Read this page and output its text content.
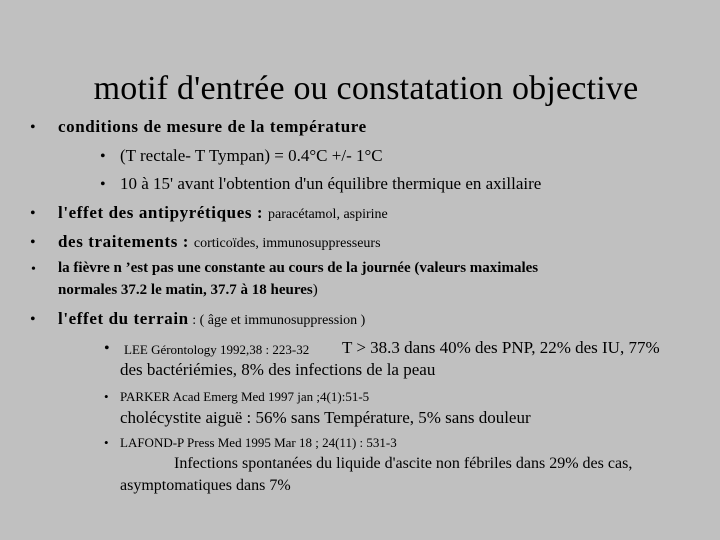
motif d'entrée ou constatation objective
• conditions de mesure de la température
• (T rectale- T Tympan) = 0.4°C +/- 1°C
• 10 à 15' avant l'obtention d'un équilibre thermique en axillaire
• l'effet des antipyrétiques : paracétamol, aspirine
• des traitements : corticoïdes, immunosuppresseurs
• la fièvre n ’est pas une constante au cours de la journée (valeurs maximales
normales 37.2 le matin, 37.7 à 18 heures)
• l'effet du terrain : ( âge et immunosuppression )
• LEE Gérontology 1992,38 : 223-32 T > 38.3 dans 40% des PNP, 22% des IU, 77%
des bactériémies, 8% des infections de la peau
• PARKER Acad Emerg Med 1997 jan ;4(1):51-5
cholécystite aiguë : 56% sans Température, 5% sans douleur
• LAFOND-P Press Med 1995 Mar 18 ; 24(11) : 531-3
Infections spontanées du liquide d'ascite non fébriles dans 29% des cas,
asymptomatiques dans 7%
